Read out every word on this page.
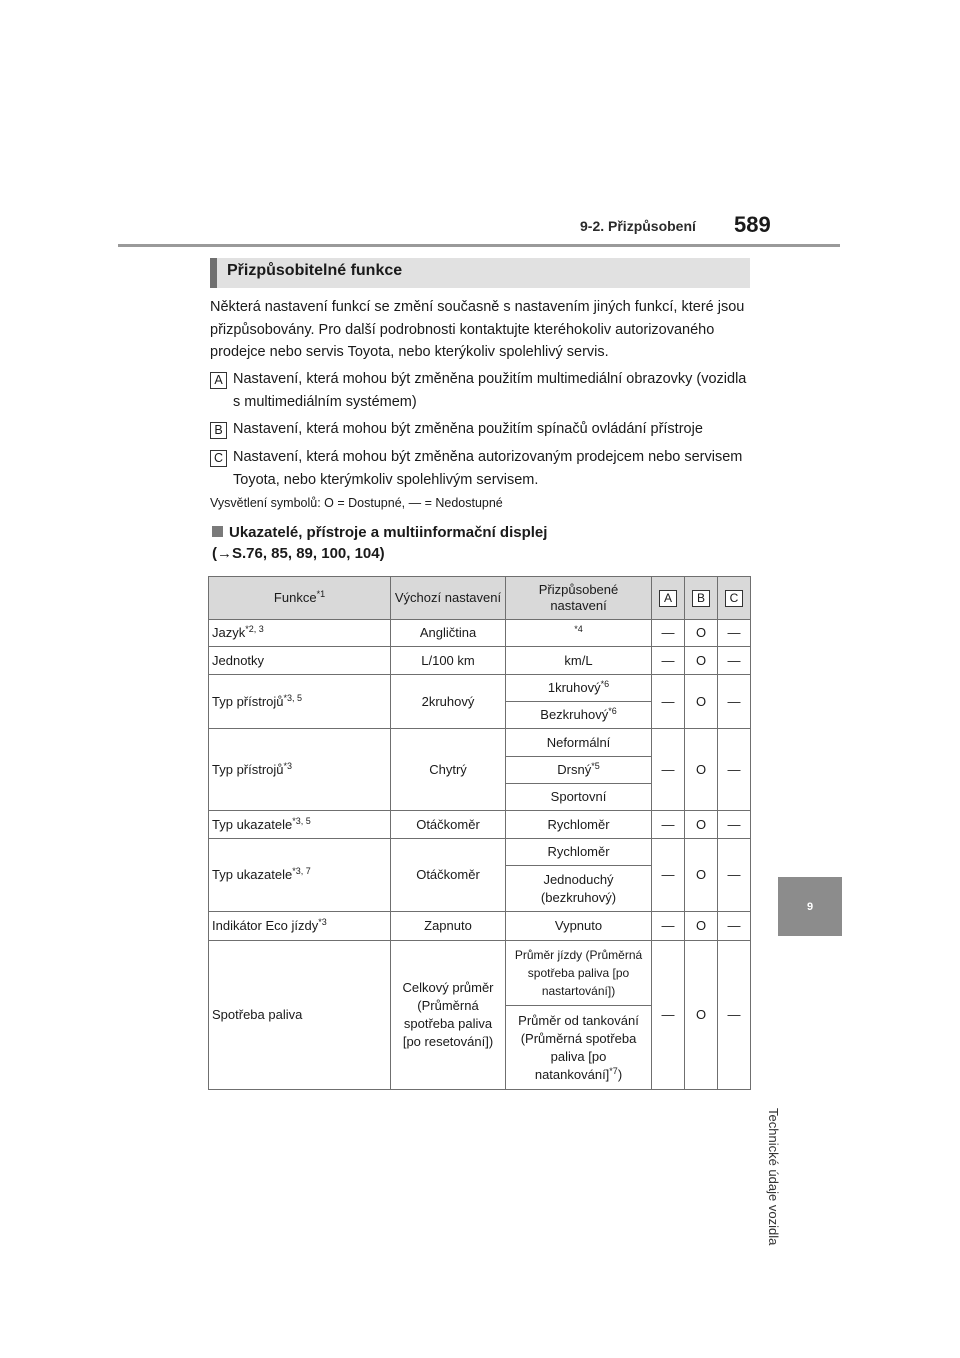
9-2. Přizpůsobení 589
9
Technické údaje vozidla
Přizpůsobitelné funkce
Některá nastavení funkcí se změní současně s nastavením jiných funkcí, které jsou přizpůsobovány. Pro další podrobnosti kontaktujte kteréhokoliv autorizovaného prodejce nebo servis Toyota, nebo kterýkoliv spolehlivý servis.
A Nastavení, která mohou být změněna použitím multimediální obrazovky (vozidla s multimediálním systémem)
B Nastavení, která mohou být změněna použitím spínačů ovládání přístroje
C Nastavení, která mohou být změněna autorizovaným prodejcem nebo servisem Toyota, nebo kterýmkoliv spolehlivým servisem.
Vysvětlení symbolů: O = Dostupné, — = Nedostupné
Ukazatelé, přístroje a multiinformační displej
(→S.76, 85, 89, 100, 104)
Funkce$^{*1}$	Výchozí nastavení	Přizpůsobené nastavení	A	B	C
Jazyk$^{*2, 3}$	Angličtina	$^{*4}$	—	O	—
Jednotky	L/100 km	km/L	—	O	—
Typ přístrojů$^{*3, 5}$	2kruhový	1kruhový$^{*6}$	—	O	—
		Bezkruhový$^{*6}$
Typ přístrojů$^{*3}$	Chytrý	Neformální	—	O	—
		Drsný$^{*5}$
		Sportovní			
Typ ukazatele$^{*3, 5}$	Otáčkoměr	Rychloměr	—	O	—
Typ ukazatele$^{*3, 7}$	Otáčkoměr	Rychloměr	—	O	—
		Jednoduchý (bezkruhový)			
Indikátor Eco jízdy$^{*3}$	Zapnuto	Vypnuto	—	O	—
Spotřeba paliva	Celkový průměr (Průměrná spotřeba paliva [po resetování])	Průměr jízdy (Průměrná spotřeba paliva [po nastartování])	—	O	—
		Průměr od tankování (Průměrná spotřeba paliva [po natankování]$^{*7}$)			
